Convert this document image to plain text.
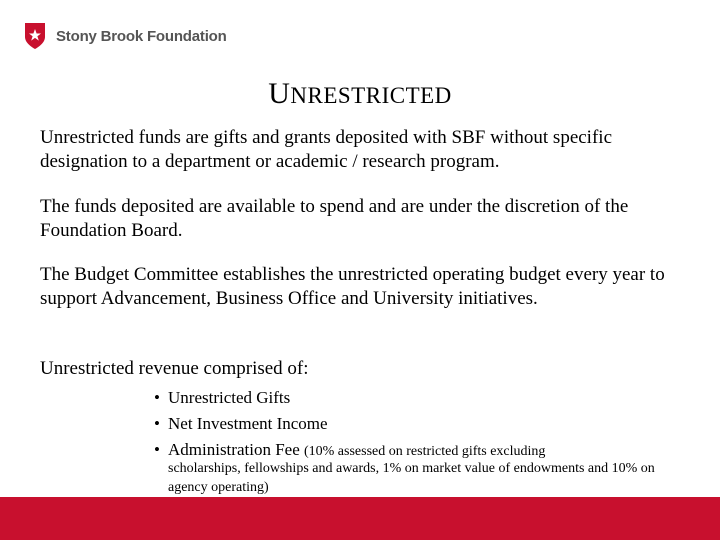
Stony Brook Foundation
UNRESTRICTED
Unrestricted funds are gifts and grants deposited with SBF without specific designation to a department or academic / research program.
The funds deposited are available to spend and are under the discretion of the Foundation Board.
The Budget Committee establishes the unrestricted operating budget every year to support Advancement, Business Office and University initiatives.
Unrestricted revenue comprised of:
• Unrestricted Gifts
• Net Investment Income
• Administration Fee (10% assessed on restricted gifts excluding
scholarships, fellowships and awards, 1% on market value of endowments and 10% on agency operating)
